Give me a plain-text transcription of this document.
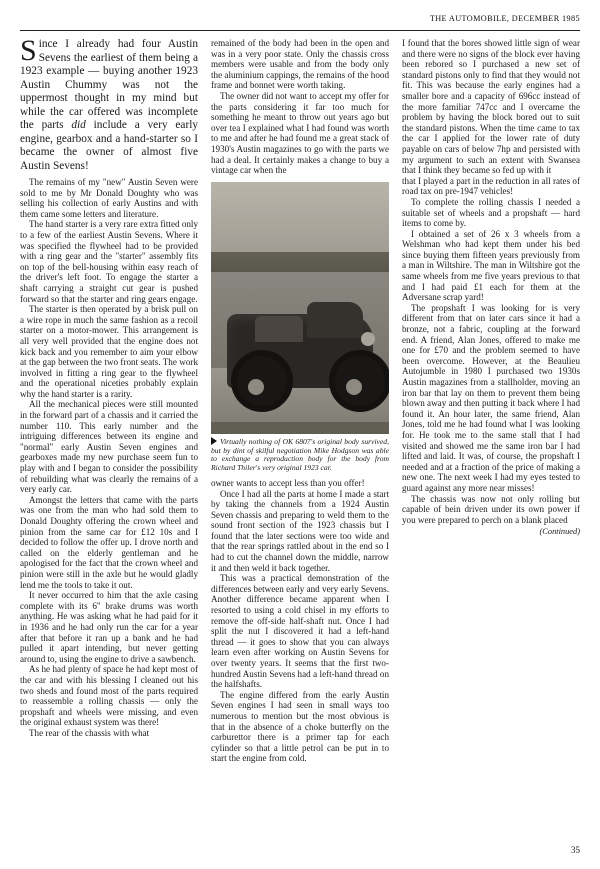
THE AUTOMOBILE, DECEMBER 1985

Since I already had four Austin Sevens the earliest of them being a 1923 example — buying another 1923 Austin Chummy was not the uppermost thought in my mind but while the car offered was incomplete the parts did include a very early engine, gearbox and a hand-starter so I became the owner of almost five Austin Sevens!

The remains of my "new" Austin Seven were sold to me by Mr Donald Doughty who was selling his collection of early Austins and with them came some letters and literature.

The hand starter is a very rare extra fitted only to a few of the earliest Austin Sevens. Where it was specified the flywheel had to be provided with a ring gear and the "starter" assembly fits on top of the bell-housing within easy reach of the driver's left foot. To engage the starter a shaft carrying a straight cut gear is pushed forward so that the starter and ring gears engage.

The starter is then operated by a brisk pull on a wire rope in much the same fashion as a recoil starter on a motor-mower. This arrangement is all very well provided that the engine does not kick back and you remember to aim your elbow at the gap between the two front seats. The work involved in fitting a ring gear to the flywheel and the operational niceties probably explain why the hand starter is a rarity.

All the mechanical pieces were still mounted in the forward part of a chassis and it carried the number 110. This early number and the intriguing differences between its engine and "normal" early Austin Seven engines and gearboxes made my new purchase seem fun to play with and I began to consider the possibility of rebuilding what was clearly the remains of a very early car.

Amongst the letters that came with the parts was one from the man who had sold them to Donald Doughty offering the crown wheel and pinion from the same car for £12 10s and I decided to follow the offer up. I drove north and called on the elderly gentleman and he apologised for the fact that the crown wheel and pinion were still in the axle but he would gladly lend me the tools to take it out.

It never occurred to him that the axle casing complete with its 6" brake drums was worth anything. He was asking what he had paid for it in 1936 and he had only run the car for a year after that before it ran up a bank and he had pulled it apart intending, but never getting around to, using the engine to drive a sawbench.

As he had plenty of space he had kept most of the car and with his blessing I cleaned out his two sheds and found most of the parts required to reassemble a rolling chassis — only the propshaft and wheels were missing, and even the original exhaust system was there!

The rear of the chassis with what

remained of the body had been in the open and was in a very poor state. Only the chassis cross members were usable and from the body only the aluminium cappings, the remains of the hood frame and bonnet were worth taking.

The owner did not want to accept my offer for the parts considering it far too much for something he meant to throw out years ago but over tea I explained what I had found was worth to me and after he had found me a great stack of 1930's Austin magazines to go with the parts we had a deal. It certainly makes a change to buy a vintage car when the

Virtually nothing of OK 6807's original body survived, but by dint of skilful negotiation Mike Hodgson was able to exchange a reproduction body for the body from Richard Thiler's very original 1923 car.

owner wants to accept less than you offer!

Once I had all the parts at home I made a start by taking the channels from a 1924 Austin Seven chassis and preparing to weld them to the sound front section of the 1923 chassis but I found that the later sections were too wide and that the rear springs rattled about in the end so I had to cut the channel down the middle, narrow it and then weld it back together.

This was a practical demonstration of the differences between early and very early Sevens. Another difference became apparent when I resorted to using a cold chisel in my efforts to remove the off-side half-shaft nut. Once I had split the nut I discovered it had a left-hand thread — it goes to show that you can always learn even after working on Austin Sevens for over twenty years. It seems that the first two-hundred Austin Sevens had a left-hand thread on the halfshafts.

The engine differed from the early Austin Seven engines I had seen in small ways too numerous to mention but the most obvious is that in the absence of a choke butterfly on the carburettor there is a primer tap for each cylinder so that a little petrol can be put in to start the engine from cold.

I found that the bores showed little sign of wear and there were no signs of the block ever having been rebored so I purchased a new set of standard pistons only to find that they would not fit. This was because the early engines had a smaller bore and a capacity of 696cc instead of the more familiar 747cc and I overcame the problem by having the block bored out to suit the standard pistons. When the time came to tax the car I applied for the lower rate of duty payable on cars of below 7hp and persisted with my argument to such an extent with Swansea that I think they became so fed up with it

that I played a part in the reduction in all rates of road tax on pre-1947 vehicles!

To complete the rolling chassis I needed a suitable set of wheels and a propshaft — hard items to come by.

I obtained a set of 26 x 3 wheels from a Welshman who had kept them under his bed since buying them fifteen years previously from a man in Wiltshire. The man in Wiltshire got the same wheels from me five years previous to that and I had paid £1 each for them at the Adversane scrap yard!

The propshaft I was looking for is very different from that on later cars since it had a bronze, not a fabric, coupling at the forward end. A friend, Alan Jones, offered to make me one for £70 and the problem seemed to have been overcome. However, at the Beaulieu Autojumble in 1980 I purchased two 1930s Austin magazines from a stallholder, moving an iron bar that lay on them to prevent them being blown away and then putting it back where I had found it. An hour later, the same friend, Alan Jones, told me he had found what I was looking for. He took me to the same stall that I had visited and showed me the same iron bar I had lifted and laid. It was, of course, the propshaft I needed and at a fraction of the price of making a new one. The next week I had my eyes tested to guard against any more near misses!

The chassis was now not only rolling but capable of bein driven under its own power if you were prepared to perch on a blank placed

(Continued)

35
